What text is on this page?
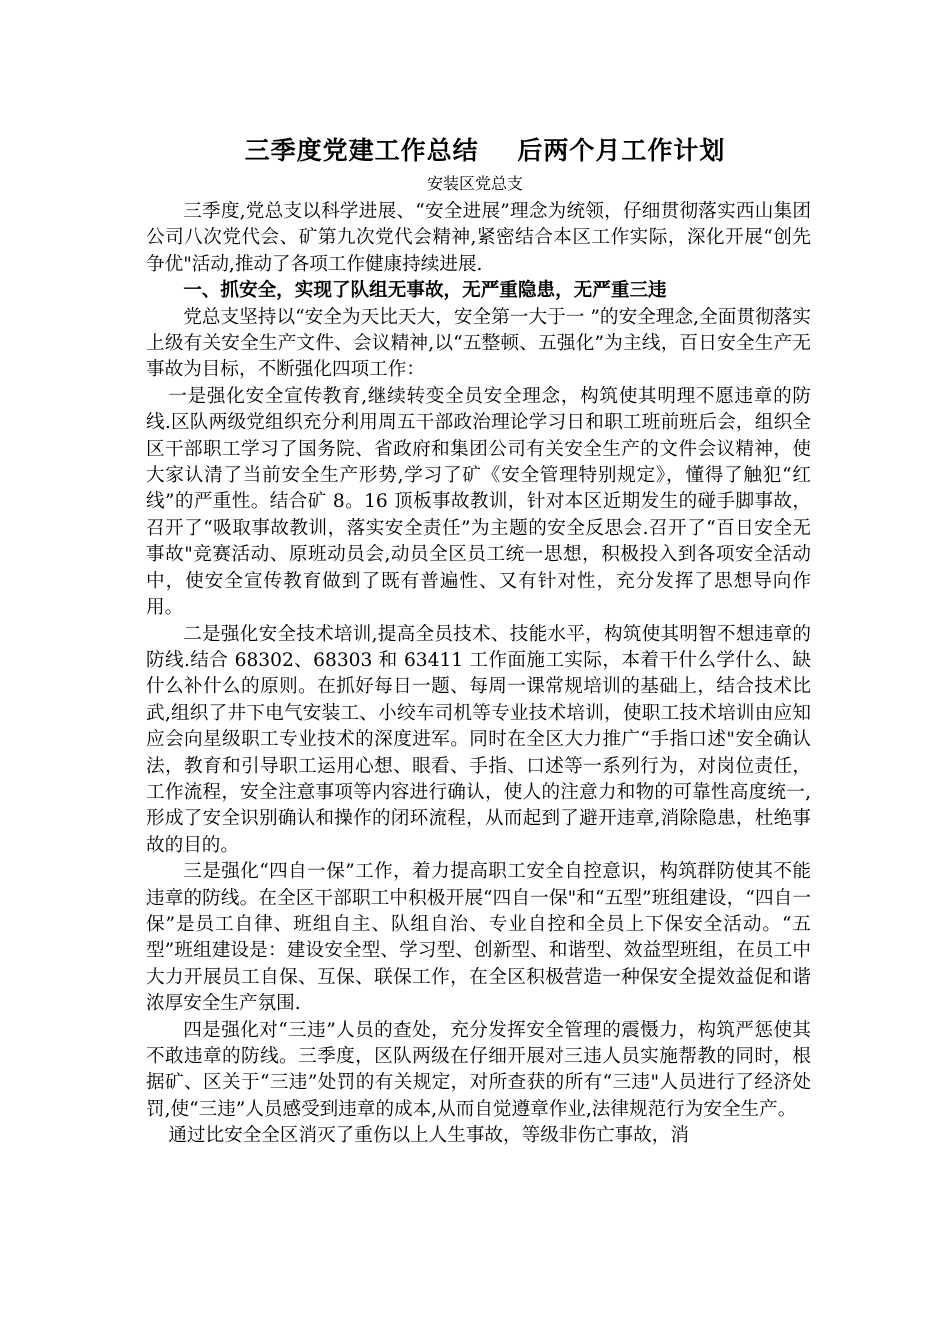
三季度党建工作总结    后两个月工作计划
安装区党总支

三季度,党总支以科学进展、“安全进展”理念为统领，仔细贯彻落实西山集团公司八次党代会、矿第九次党代会精神,紧密结合本区工作实际，深化开展“创先争优"活动,推动了各项工作健康持续进展.

一、抓安全，实现了队组无事故，无严重隐患，无严重三违

党总支坚持以“安全为天比天大，安全第一大于一 ”的安全理念,全面贯彻落实上级有关安全生产文件、会议精神,以“五整顿、五强化”为主线，百日安全生产无事故为目标，不断强化四项工作：

一是强化安全宣传教育,继续转变全员安全理念，构筑使其明理不愿违章的防线.区队两级党组织充分利用周五干部政治理论学习日和职工班前班后会，组织全区干部职工学习了国务院、省政府和集团公司有关安全生产的文件会议精神，使大家认清了当前安全生产形势,学习了矿《安全管理特别规定》，懂得了触犯“红线”的严重性。结合矿 8。16 顶板事故教训，针对本区近期发生的碰手脚事故，召开了“吸取事故教训，落实安全责任”为主题的安全反思会.召开了“百日安全无事故"竞赛活动、原班动员会,动员全区员工统一思想，积极投入到各项安全活动中，使安全宣传教育做到了既有普遍性、又有针对性，充分发挥了思想导向作用。

二是强化安全技术培训,提高全员技术、技能水平，构筑使其明智不想违章的防线.结合 68302、68303 和 63411 工作面施工实际，本着干什么学什么、缺什么补什么的原则。在抓好每日一题、每周一课常规培训的基础上，结合技术比武,组织了井下电气安装工、小绞车司机等专业技术培训，使职工技术培训由应知应会向星级职工专业技术的深度进军。同时在全区大力推广“手指口述"安全确认法，教育和引导职工运用心想、眼看、手指、口述等一系列行为，对岗位责任，工作流程，安全注意事项等内容进行确认，使人的注意力和物的可靠性高度统一,形成了安全识别确认和操作的闭环流程，从而起到了避开违章,消除隐患，杜绝事故的目的。

三是强化“四自一保”工作，着力提高职工安全自控意识，构筑群防使其不能违章的防线。在全区干部职工中积极开展“四自一保"和“五型”班组建设，“四自一保”是员工自律、班组自主、队组自治、专业自控和全员上下保安全活动。“五型”班组建设是：建设安全型、学习型、创新型、和谐型、效益型班组，在员工中大力开展员工自保、互保、联保工作，在全区积极营造一种保安全提效益促和谐浓厚安全生产氛围.

四是强化对“三违”人员的查处，充分发挥安全管理的震慑力，构筑严惩使其不敢违章的防线。三季度，区队两级在仔细开展对三违人员实施帮教的同时，根据矿、区关于“三违”处罚的有关规定，对所查获的所有“三违"人员进行了经济处罚,使“三违”人员感受到违章的成本,从而自觉遵章作业,法律规范行为安全生产。

通过比安全全区消灭了重伤以上人生事故，等级非伤亡事故，消
